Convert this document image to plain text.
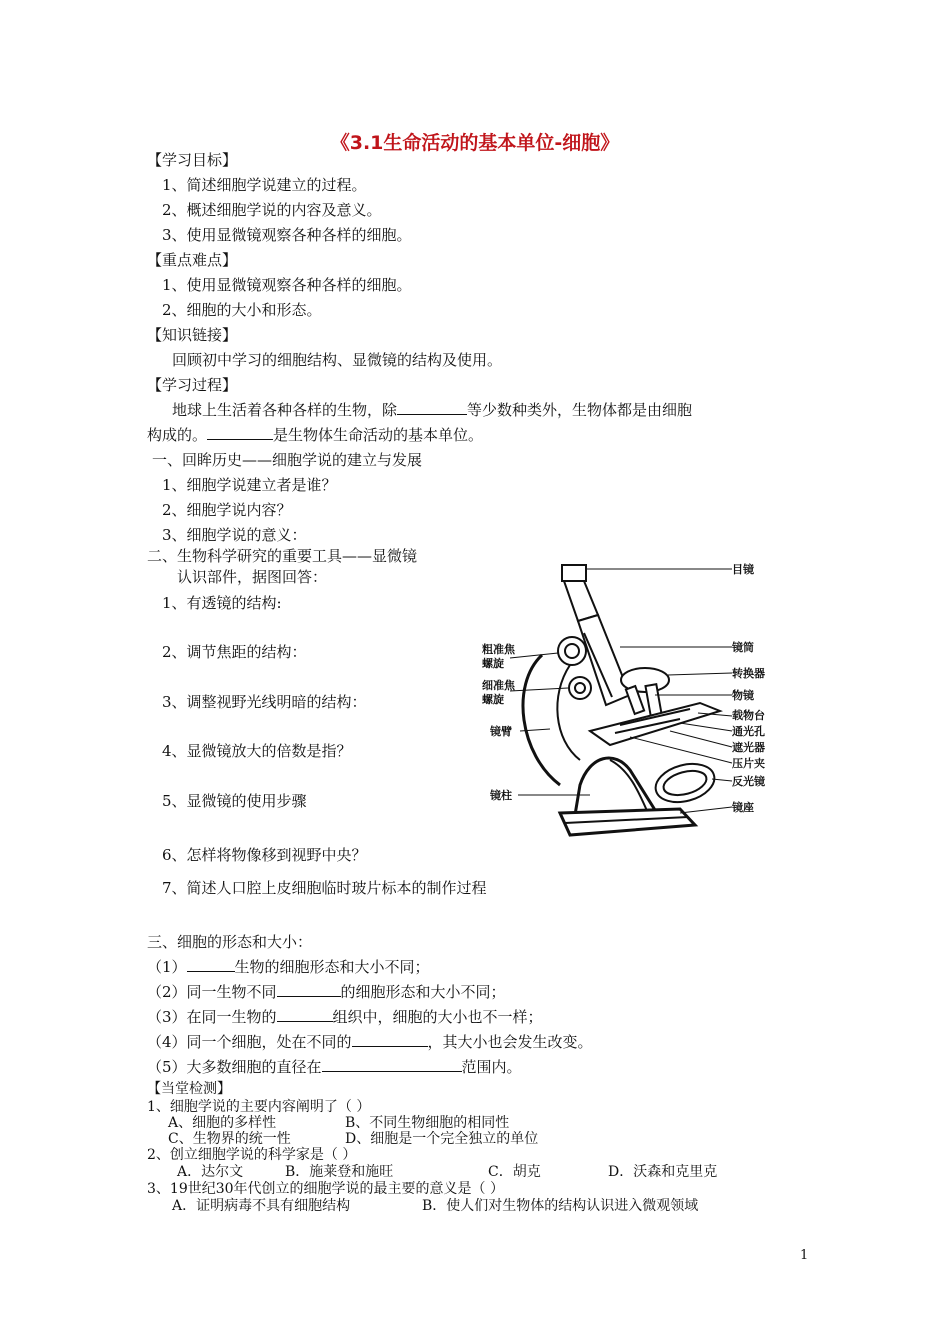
《3.1生命活动的基本单位-细胞》
【学习目标】
1、简述细胞学说建立的过程。
2、概述细胞学说的内容及意义。
3、使用显微镜观察各种各样的细胞。
【重点难点】
1、使用显微镜观察各种各样的细胞。
2、细胞的大小和形态。
【知识链接】
回顾初中学习的细胞结构、显微镜的结构及使用。
【学习过程】
地球上生活着各种各样的生物，除	等少数种类外，生物体都是由细胞
构成的。	是生物体生命活动的基本单位。
一、回眸历史——细胞学说的建立与发展
1、细胞学说建立者是谁？
2、细胞学说内容？
3、细胞学说的意义：
二、生物科学研究的重要工具——显微镜
认识部件，据图回答：
1、有透镜的结构:
2、调节焦距的结构：
3、调整视野光线明暗的结构：
4、显微镜放大的倍数是指？
5、显微镜的使用步骤
6、怎样将物像移到视野中央？
7、简述人口腔上皮细胞临时玻片标本的制作过程
目镜
镜筒
转换器
物镜
载物台
通光孔
遮光器
压片夹
反光镜
镜座
粗准焦
螺旋
细准焦
螺旋
镜臂
镜柱
三、细胞的形态和大小：
（1）	生物的细胞形态和大小不同；
（2）同一生物不同	的细胞形态和大小不同；
（3）在同一生物的	组织中，细胞的大小也不一样；
（4）同一个细胞，处在不同的	，其大小也会发生改变。
（5）大多数细胞的直径在	范围内。
【当堂检测】
1、细胞学说的主要内容阐明了（ ）
A、细胞的多样性	B、不同生物细胞的相同性
C、生物界的统一性	D、细胞是一个完全独立的单位
2、创立细胞学说的科学家是（ ）
A．达尔文	B．施莱登和施旺	C．胡克	D．沃森和克里克
3、19世纪30年代创立的细胞学说的最主要的意义是（ ）
A．证明病毒不具有细胞结构	B．使人们对生物体的结构认识进入微观领域
1
